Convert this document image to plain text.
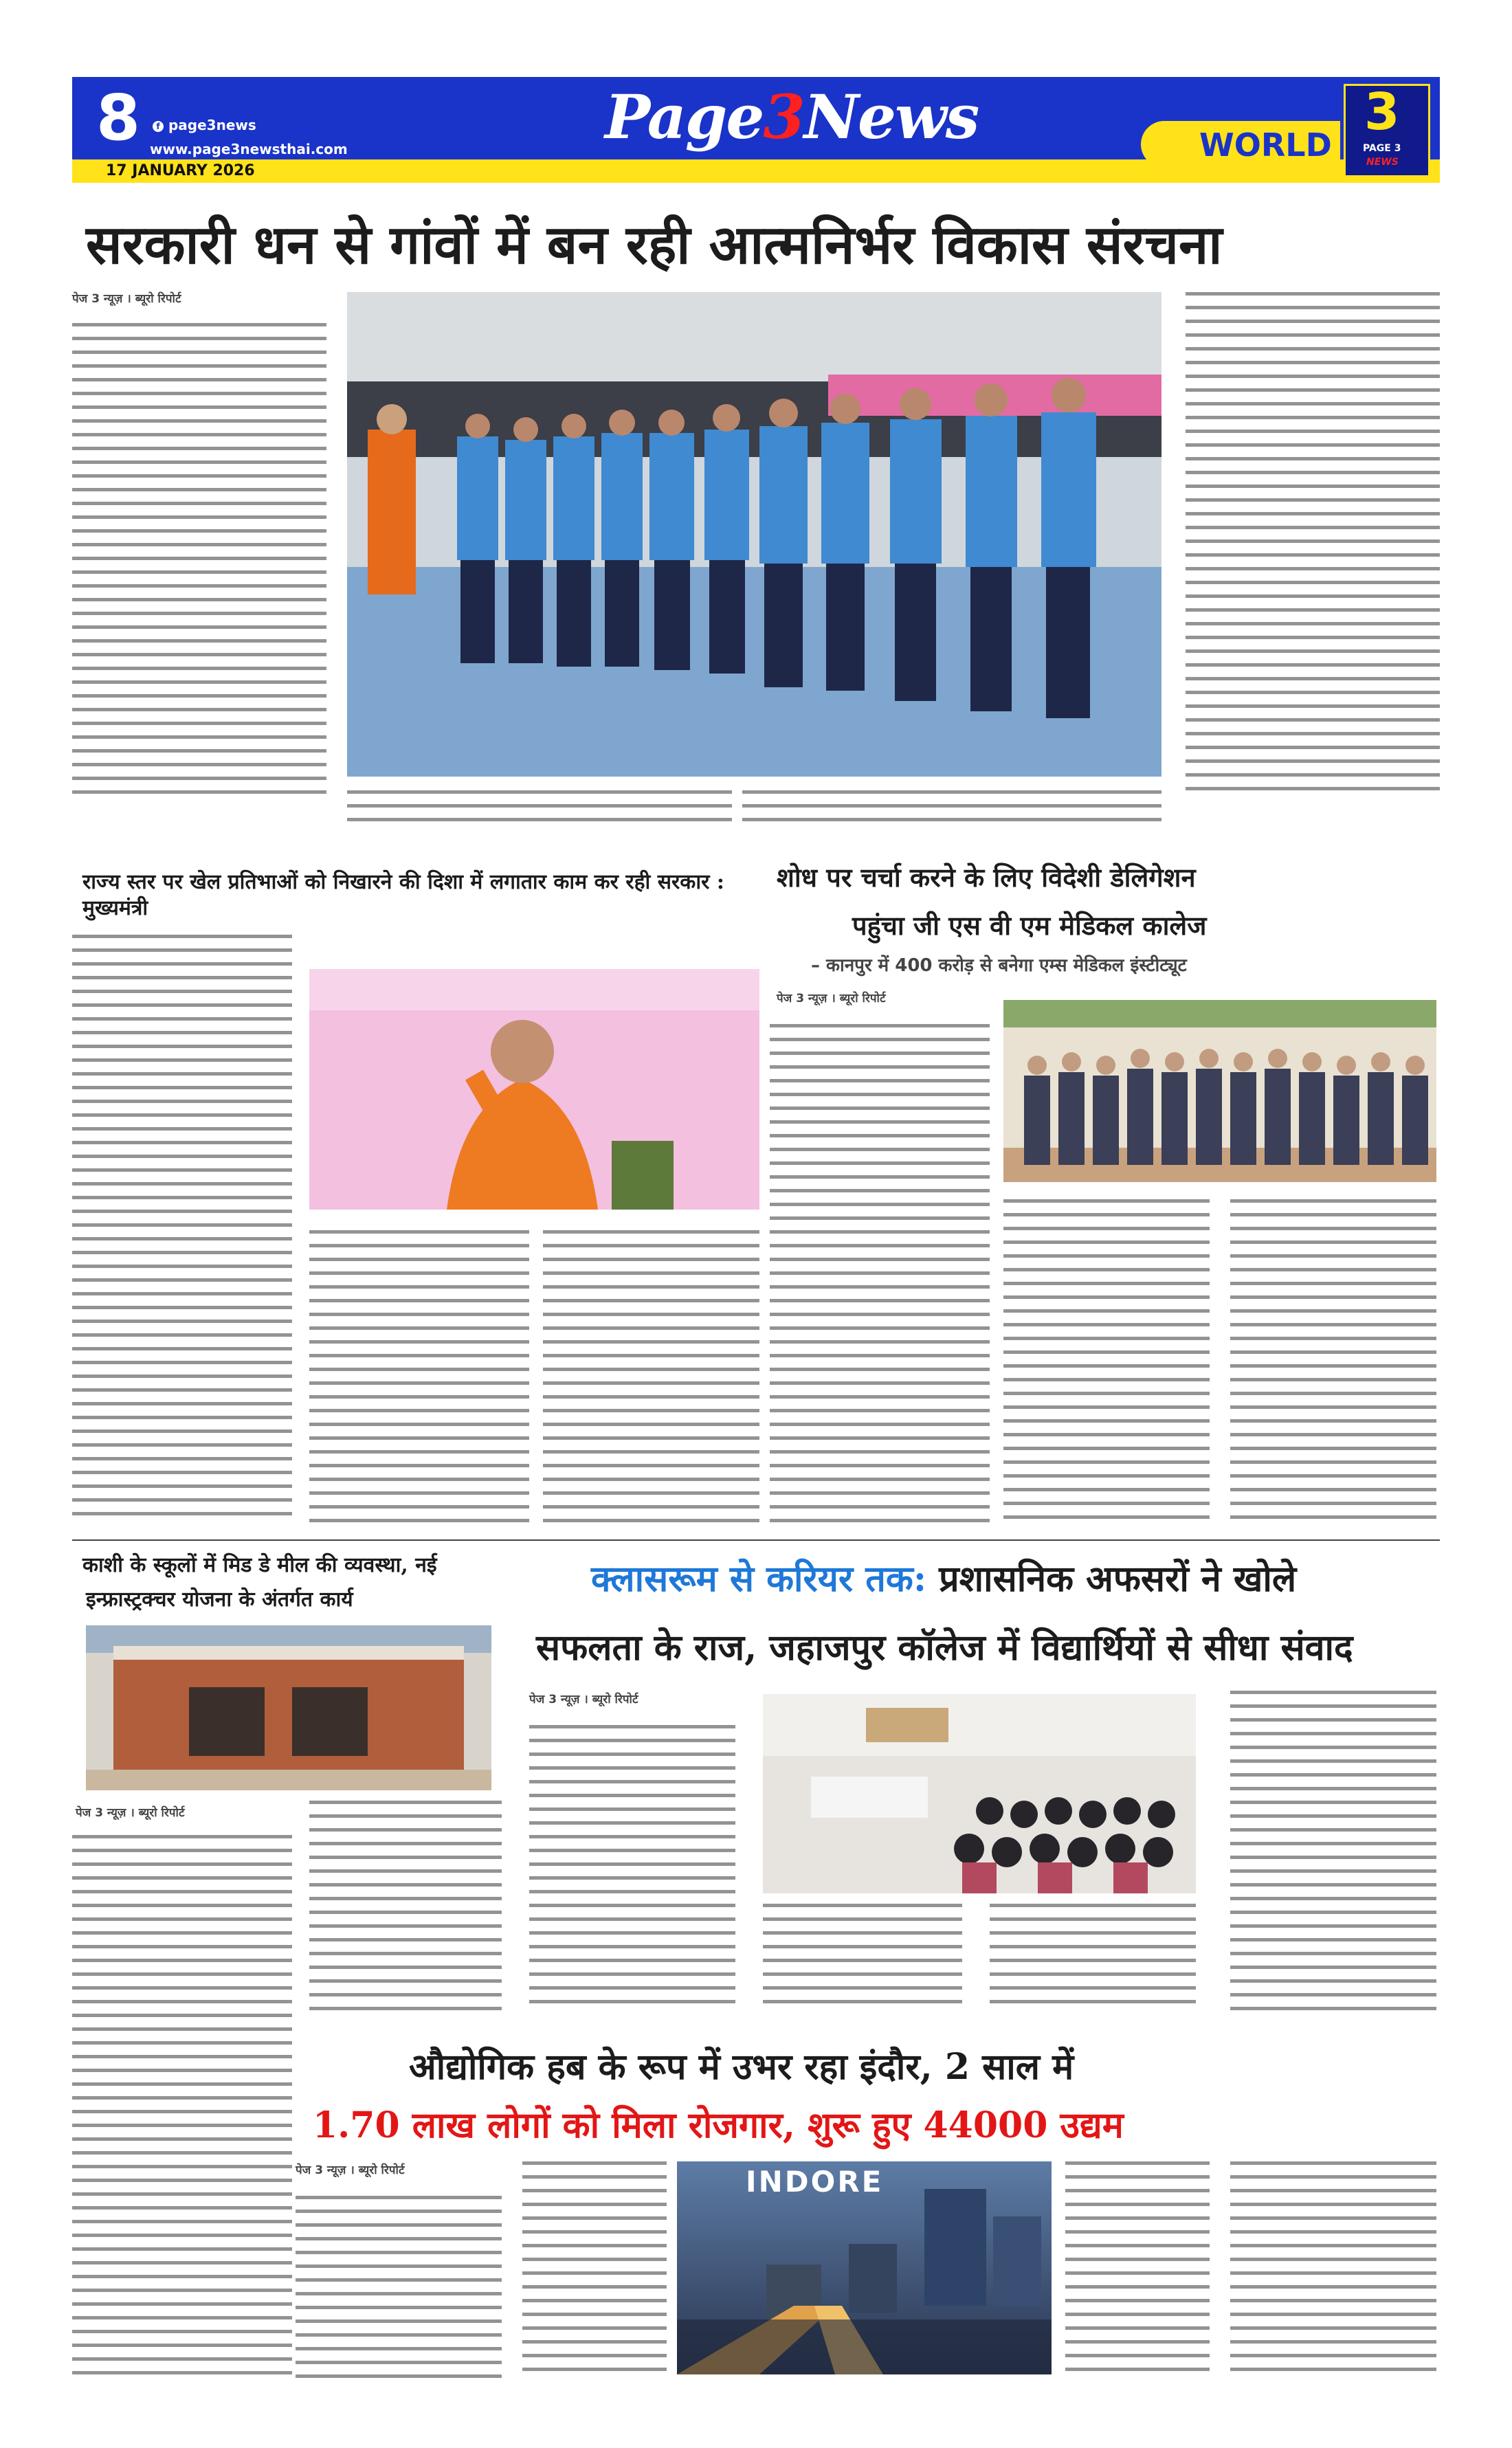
8	f page3news
www.page3newsthai.com
17 JANUARY 2026
Page3News	WORLD
3
PAGE 3
NEWS
सरकारी धन से गांवों में बन रही आत्मनिर्भर विकास संरचना
पेज 3 न्यूज़ । ब्यूरो रिपोर्ट
राज्य स्तर पर खेल प्रतिभाओं को निखारने की दिशा में लगातार काम कर रही सरकार : मुख्यमंत्री
शोध पर चर्चा करने के लिए विदेशी डेलिगेशन
पहुंचा जी एस वी एम मेडिकल कालेज
– कानपुर में 400 करोड़ से बनेगा एम्स मेडिकल इंस्टीट्यूट
पेज 3 न्यूज़ । ब्यूरो रिपोर्ट
काशी के स्कूलों में मिड डे मील की व्यवस्था, नई
इन्फ्रास्ट्रक्चर योजना के अंतर्गत कार्य
पेज 3 न्यूज़ । ब्यूरो रिपोर्ट
क्लासरूम से करियर तक: प्रशासनिक अफसरों ने खोले
सफलता के राज, जहाजपुर कॉलेज में विद्यार्थियों से सीधा संवाद
पेज 3 न्यूज़ । ब्यूरो रिपोर्ट
औद्योगिक हब के रूप में उभर रहा इंदौर, 2 साल में
1.70 लाख लोगों को मिला रोजगार, शुरू हुए 44000 उद्यम
पेज 3 न्यूज़ । ब्यूरो रिपोर्ट	INDORE
